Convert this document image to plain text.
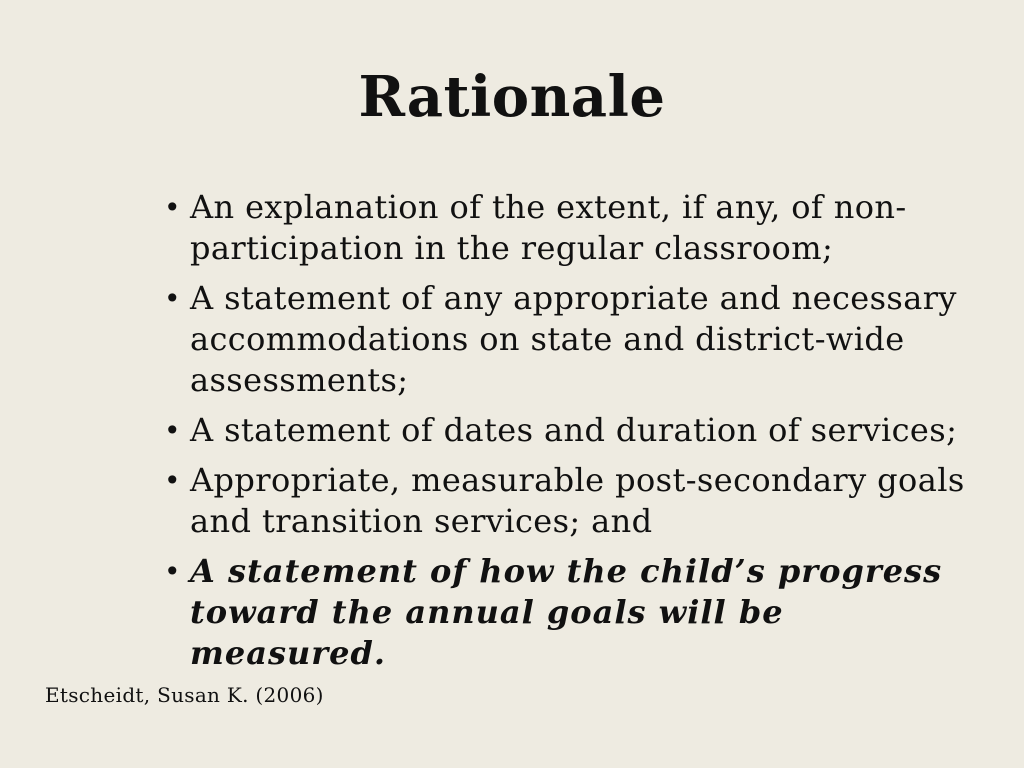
Rationale
• An explanation of the extent, if any, of non-participation in the regular classroom;
• A statement of any appropriate and necessary accommodations on state and district-wide assessments;
• A statement of dates and duration of services;
• Appropriate, measurable post-secondary goals and transition services; and
• A statement of how the child’s progress toward the annual goals will be measured.
Etscheidt, Susan K. (2006)
